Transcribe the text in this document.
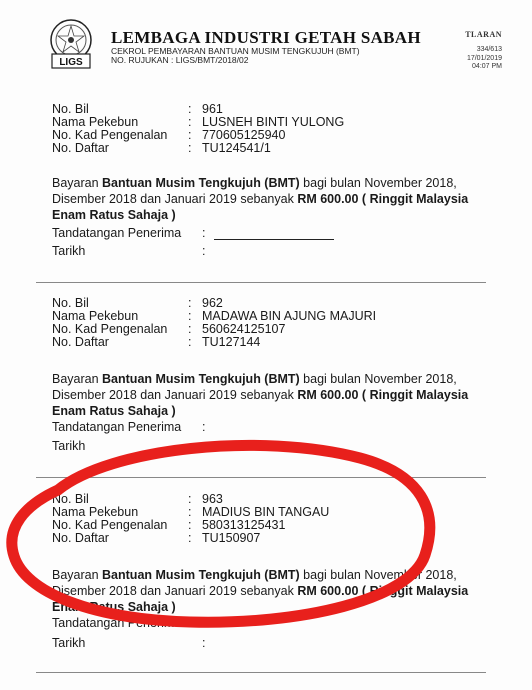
LIGS
LEMBAGA INDUSTRI GETAH SABAH
CEKROL PEMBAYARAN BANTUAN MUSIM TENGKUJUH (BMT)
NO. RUJUKAN : LIGS/BMT/2018/02
TLARAN
334/613
17/01/2019
04:07 PM
No. Bil	: 961
Nama Pekebun	: LUSNEH BINTI YULONG
No. Kad Pengenalan : 770605125940
No. Daftar	: TU124541/1
Bayaran Bantuan Musim Tengkujuh (BMT) bagi bulan November 2018, Disember 2018 dan Januari 2019 sebanyak RM 600.00 ( Ringgit Malaysia Enam Ratus Sahaja )
Tandatangan Penerima :
Tarikh	:
No. Bil	: 962
Nama Pekebun	: MADAWA BIN AJUNG MAJURI
No. Kad Pengenalan : 560624125107
No. Daftar	: TU127144
Bayaran Bantuan Musim Tengkujuh (BMT) bagi bulan November 2018, Disember 2018 dan Januari 2019 sebanyak RM 600.00 ( Ringgit Malaysia Enam Ratus Sahaja )
Tandatangan Penerima :
Tarikh	:
No. Bil	: 963
Nama Pekebun	: MADIUS BIN TANGAU
No. Kad Pengenalan : 580313125431
No. Daftar	: TU150907
Bayaran Bantuan Musim Tengkujuh (BMT) bagi bulan November 2018, Disember 2018 dan Januari 2019 sebanyak RM 600.00 ( Ringgit Malaysia Enam Ratus Sahaja )
Tandatangan Penerima :
Tarikh	:
